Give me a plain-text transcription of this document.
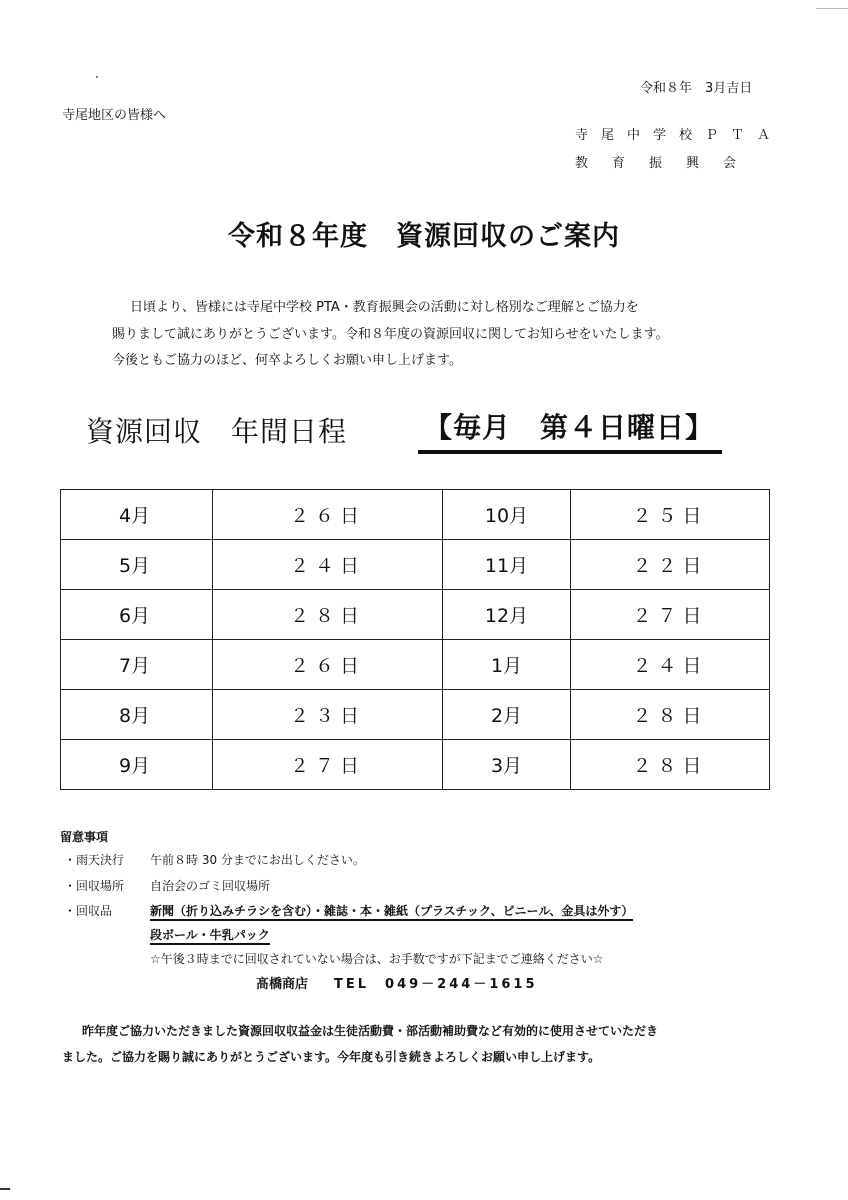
令和８年　3月吉日
寺尾地区の皆様へ
寺尾中学校ＰＴＡ
教育振興会
令和８年度　資源回収のご案内
日頃より、皆様には寺尾中学校 PTA・教育振興会の活動に対し格別なご理解とご協力を
賜りまして誠にありがとうございます。令和８年度の資源回収に関してお知らせをいたします。
今後ともご協力のほど、何卒よろしくお願い申し上げます。
資源回収　年間日程	【毎月　第４日曜日】
4月	２６日	10月	２５日
5月	２４日	11月	２２日
6月	２８日	12月	２７日
7月	２６日	1月	２４日
8月	２３日	2月	２８日
9月	２７日	3月	２８日
留意事項
・雨天決行 午前８時 30 分までにお出しください。
・回収場所 自治会のゴミ回収場所
・回収品	新聞（折り込みチラシを含む）・雑誌・本・雑紙（プラスチック、ビニール、金具は外す）
段ボール・牛乳パック
☆午後３時までに回収されていない場合は、お手数ですが下記までご連絡ください☆
髙橋商店 TEL　049－244－1615
昨年度ご協力いただきました資源回収収益金は生徒活動費・部活動補助費など有効的に使用させていただき
ました。ご協力を賜り誠にありがとうございます。今年度も引き続きよろしくお願い申し上げます。
